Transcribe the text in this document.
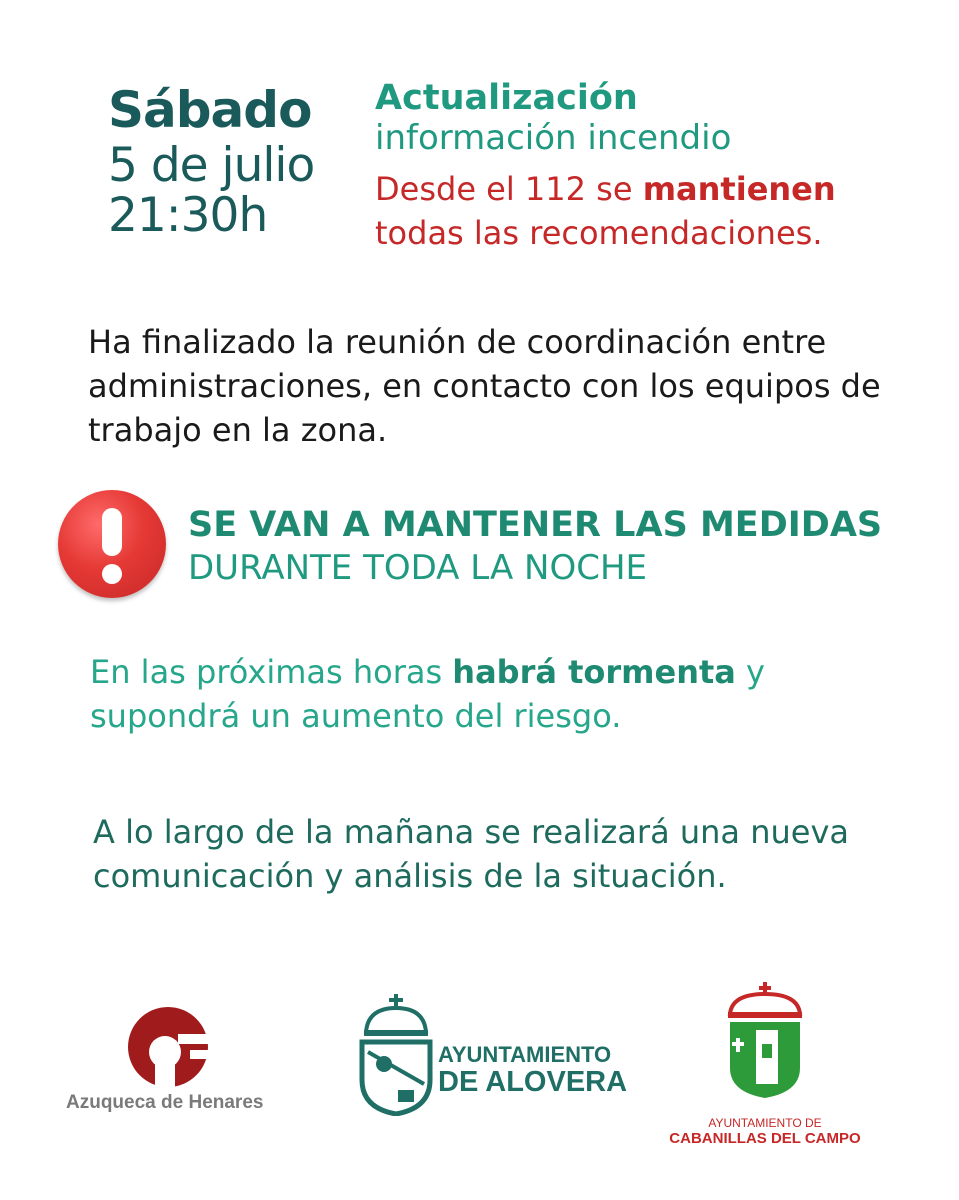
Sábado
5 de julio
21:30h
Actualización
información incendio
Desde el 112 se mantienen
todas las recomendaciones.
Ha finalizado la reunión de coordinación entre administraciones, en contacto con los equipos de trabajo en la zona.
SE VAN A MANTENER LAS MEDIDAS
DURANTE TODA LA NOCHE
En las próximas horas habrá tormenta y supondrá un aumento del riesgo.
A lo largo de la mañana se realizará una nueva comunicación y análisis de la situación.
Azuqueca de Henares
AYUNTAMIENTO
DE ALOVERA
AYUNTAMIENTO DE
CABANILLAS DEL CAMPO
